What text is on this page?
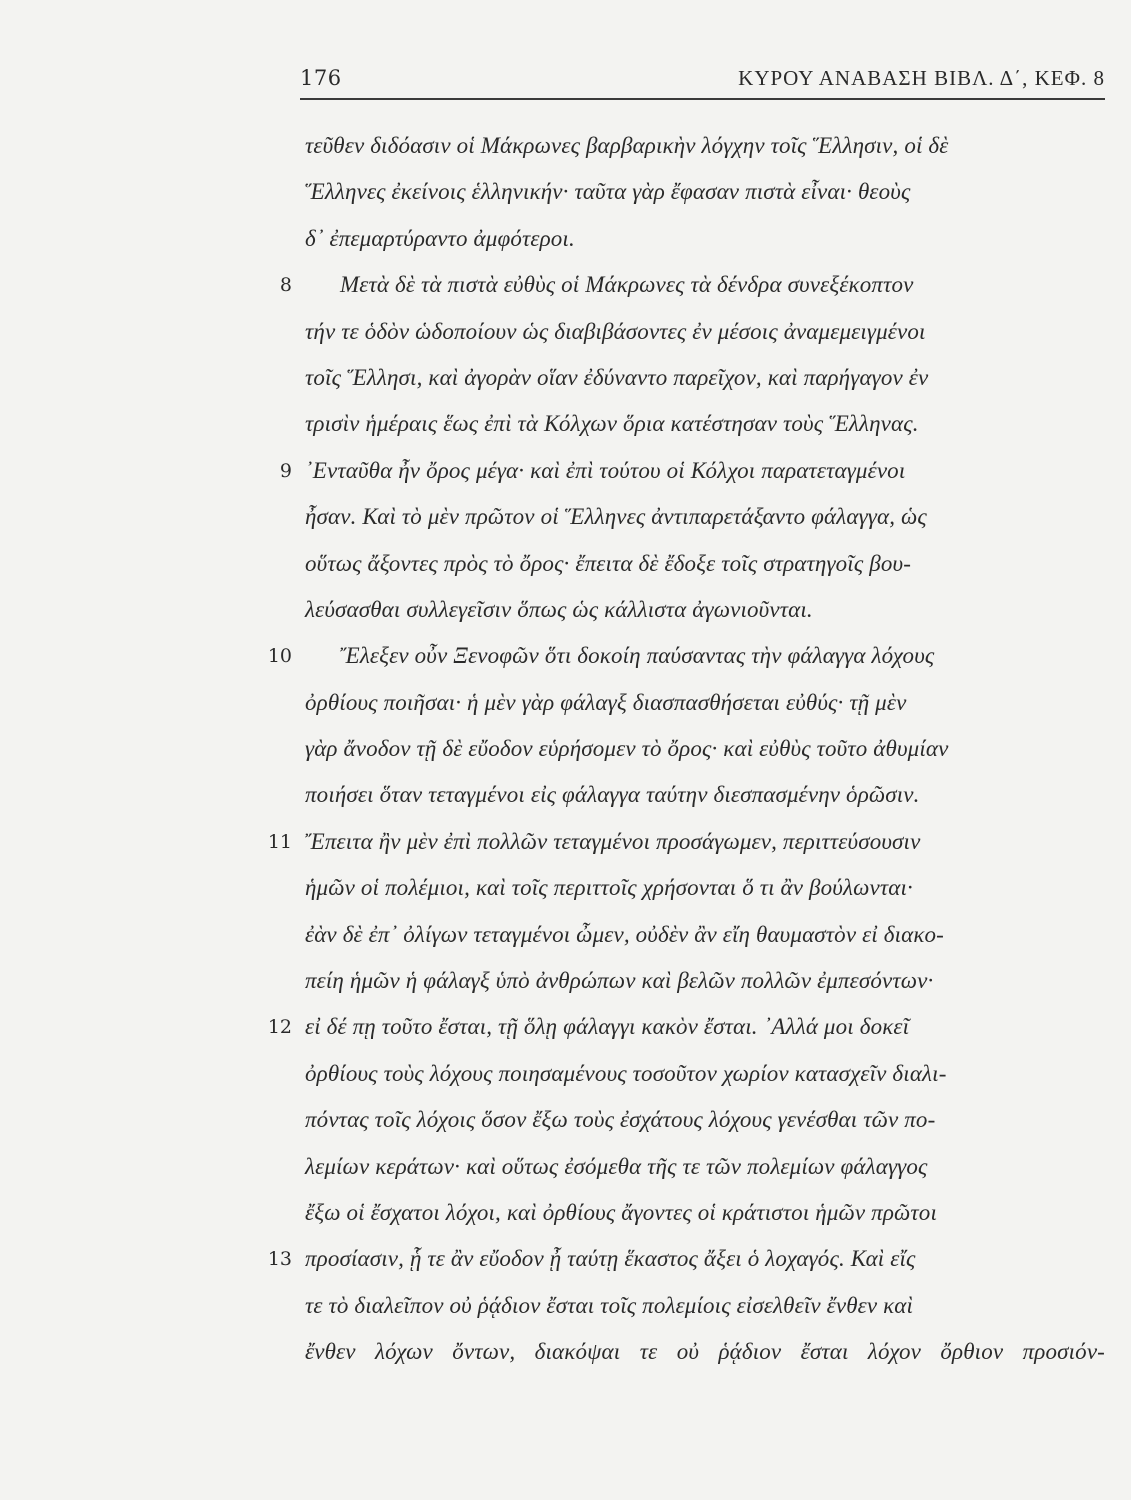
176	ΚΥΡΟΥ ΑΝΑΒΑΣΗ ΒΙΒΛ. Δ΄, ΚΕΦ. 8
τεῦθεν διδόασιν οἱ Μάκρωνες βαρβαρικὴν λόγχην τοῖς Ἕλλησιν, οἱ δὲ
Ἕλληνες ἐκείνοις ἑλληνικήν· ταῦτα γὰρ ἔφασαν πιστὰ εἶναι· θεοὺς
δ᾽ ἐπεμαρτύραντο ἀμφότεροι.
8 Μετὰ δὲ τὰ πιστὰ εὐθὺς οἱ Μάκρωνες τὰ δένδρα συνεξέκοπτον
τήν τε ὁδὸν ὡδοποίουν ὡς διαβιβάσοντες ἐν μέσοις ἀναμεμειγμένοι
τοῖς Ἕλλησι, καὶ ἀγορὰν οἵαν ἐδύναντο παρεῖχον, καὶ παρήγαγον ἐν
τρισὶν ἡμέραις ἕως ἐπὶ τὰ Κόλχων ὅρια κατέστησαν τοὺς Ἕλληνας.
9 ᾿Ενταῦθα ἦν ὄρος μέγα· καὶ ἐπὶ τούτου οἱ Κόλχοι παρατεταγμένοι
ἦσαν. Καὶ τὸ μὲν πρῶτον οἱ Ἕλληνες ἀντιπαρετάξαντο φάλαγγα, ὡς
οὕτως ἄξοντες πρὸς τὸ ὄρος· ἔπειτα δὲ ἔδοξε τοῖς στρατηγοῖς βου-
λεύσασθαι συλλεγεῖσιν ὅπως ὡς κάλλιστα ἀγωνιοῦνται.
10 Ἔλεξεν οὖν Ξενοφῶν ὅτι δοκοίη παύσαντας τὴν φάλαγγα λόχους
ὀρθίους ποιῆσαι· ἡ μὲν γὰρ φάλαγξ διασπασθήσεται εὐθύς· τῇ μὲν
γὰρ ἄνοδον τῇ δὲ εὔοδον εὑρήσομεν τὸ ὄρος· καὶ εὐθὺς τοῦτο ἀθυμίαν
ποιήσει ὅταν τεταγμένοι εἰς φάλαγγα ταύτην διεσπασμένην ὁρῶσιν.
11 Ἔπειτα ἢν μὲν ἐπὶ πολλῶν τεταγμένοι προσάγωμεν, περιττεύσουσιν
ἡμῶν οἱ πολέμιοι, καὶ τοῖς περιττοῖς χρήσονται ὅ τι ἂν βούλωνται·
ἐὰν δὲ ἐπ᾽ ὀλίγων τεταγμένοι ὦμεν, οὐδὲν ἂν εἴη θαυμαστὸν εἰ διακο-
πείη ἡμῶν ἡ φάλαγξ ὑπὸ ἀνθρώπων καὶ βελῶν πολλῶν ἐμπεσόντων·
12 εἰ δέ πῃ τοῦτο ἔσται, τῇ ὅλῃ φάλαγγι κακὸν ἔσται. ᾿Αλλά μοι δοκεῖ
ὀρθίους τοὺς λόχους ποιησαμένους τοσοῦτον χωρίον κατασχεῖν διαλι-
πόντας τοῖς λόχοις ὅσον ἔξω τοὺς ἐσχάτους λόχους γενέσθαι τῶν πο-
λεμίων κεράτων· καὶ οὕτως ἐσόμεθα τῆς τε τῶν πολεμίων φάλαγγος
ἔξω οἱ ἔσχατοι λόχοι, καὶ ὀρθίους ἄγοντες οἱ κράτιστοι ἡμῶν πρῶτοι
13 προσίασιν, ᾗ τε ἂν εὔοδον ᾖ ταύτῃ ἕκαστος ἄξει ὁ λοχαγός. Καὶ εἴς
τε τὸ διαλεῖπον οὐ ῥᾴδιον ἔσται τοῖς πολεμίοις εἰσελθεῖν ἔνθεν καὶ
ἔνθεν λόχων ὄντων, διακόψαι τε οὐ ῥᾴδιον ἔσται λόχον ὄρθιον προσιόν-
